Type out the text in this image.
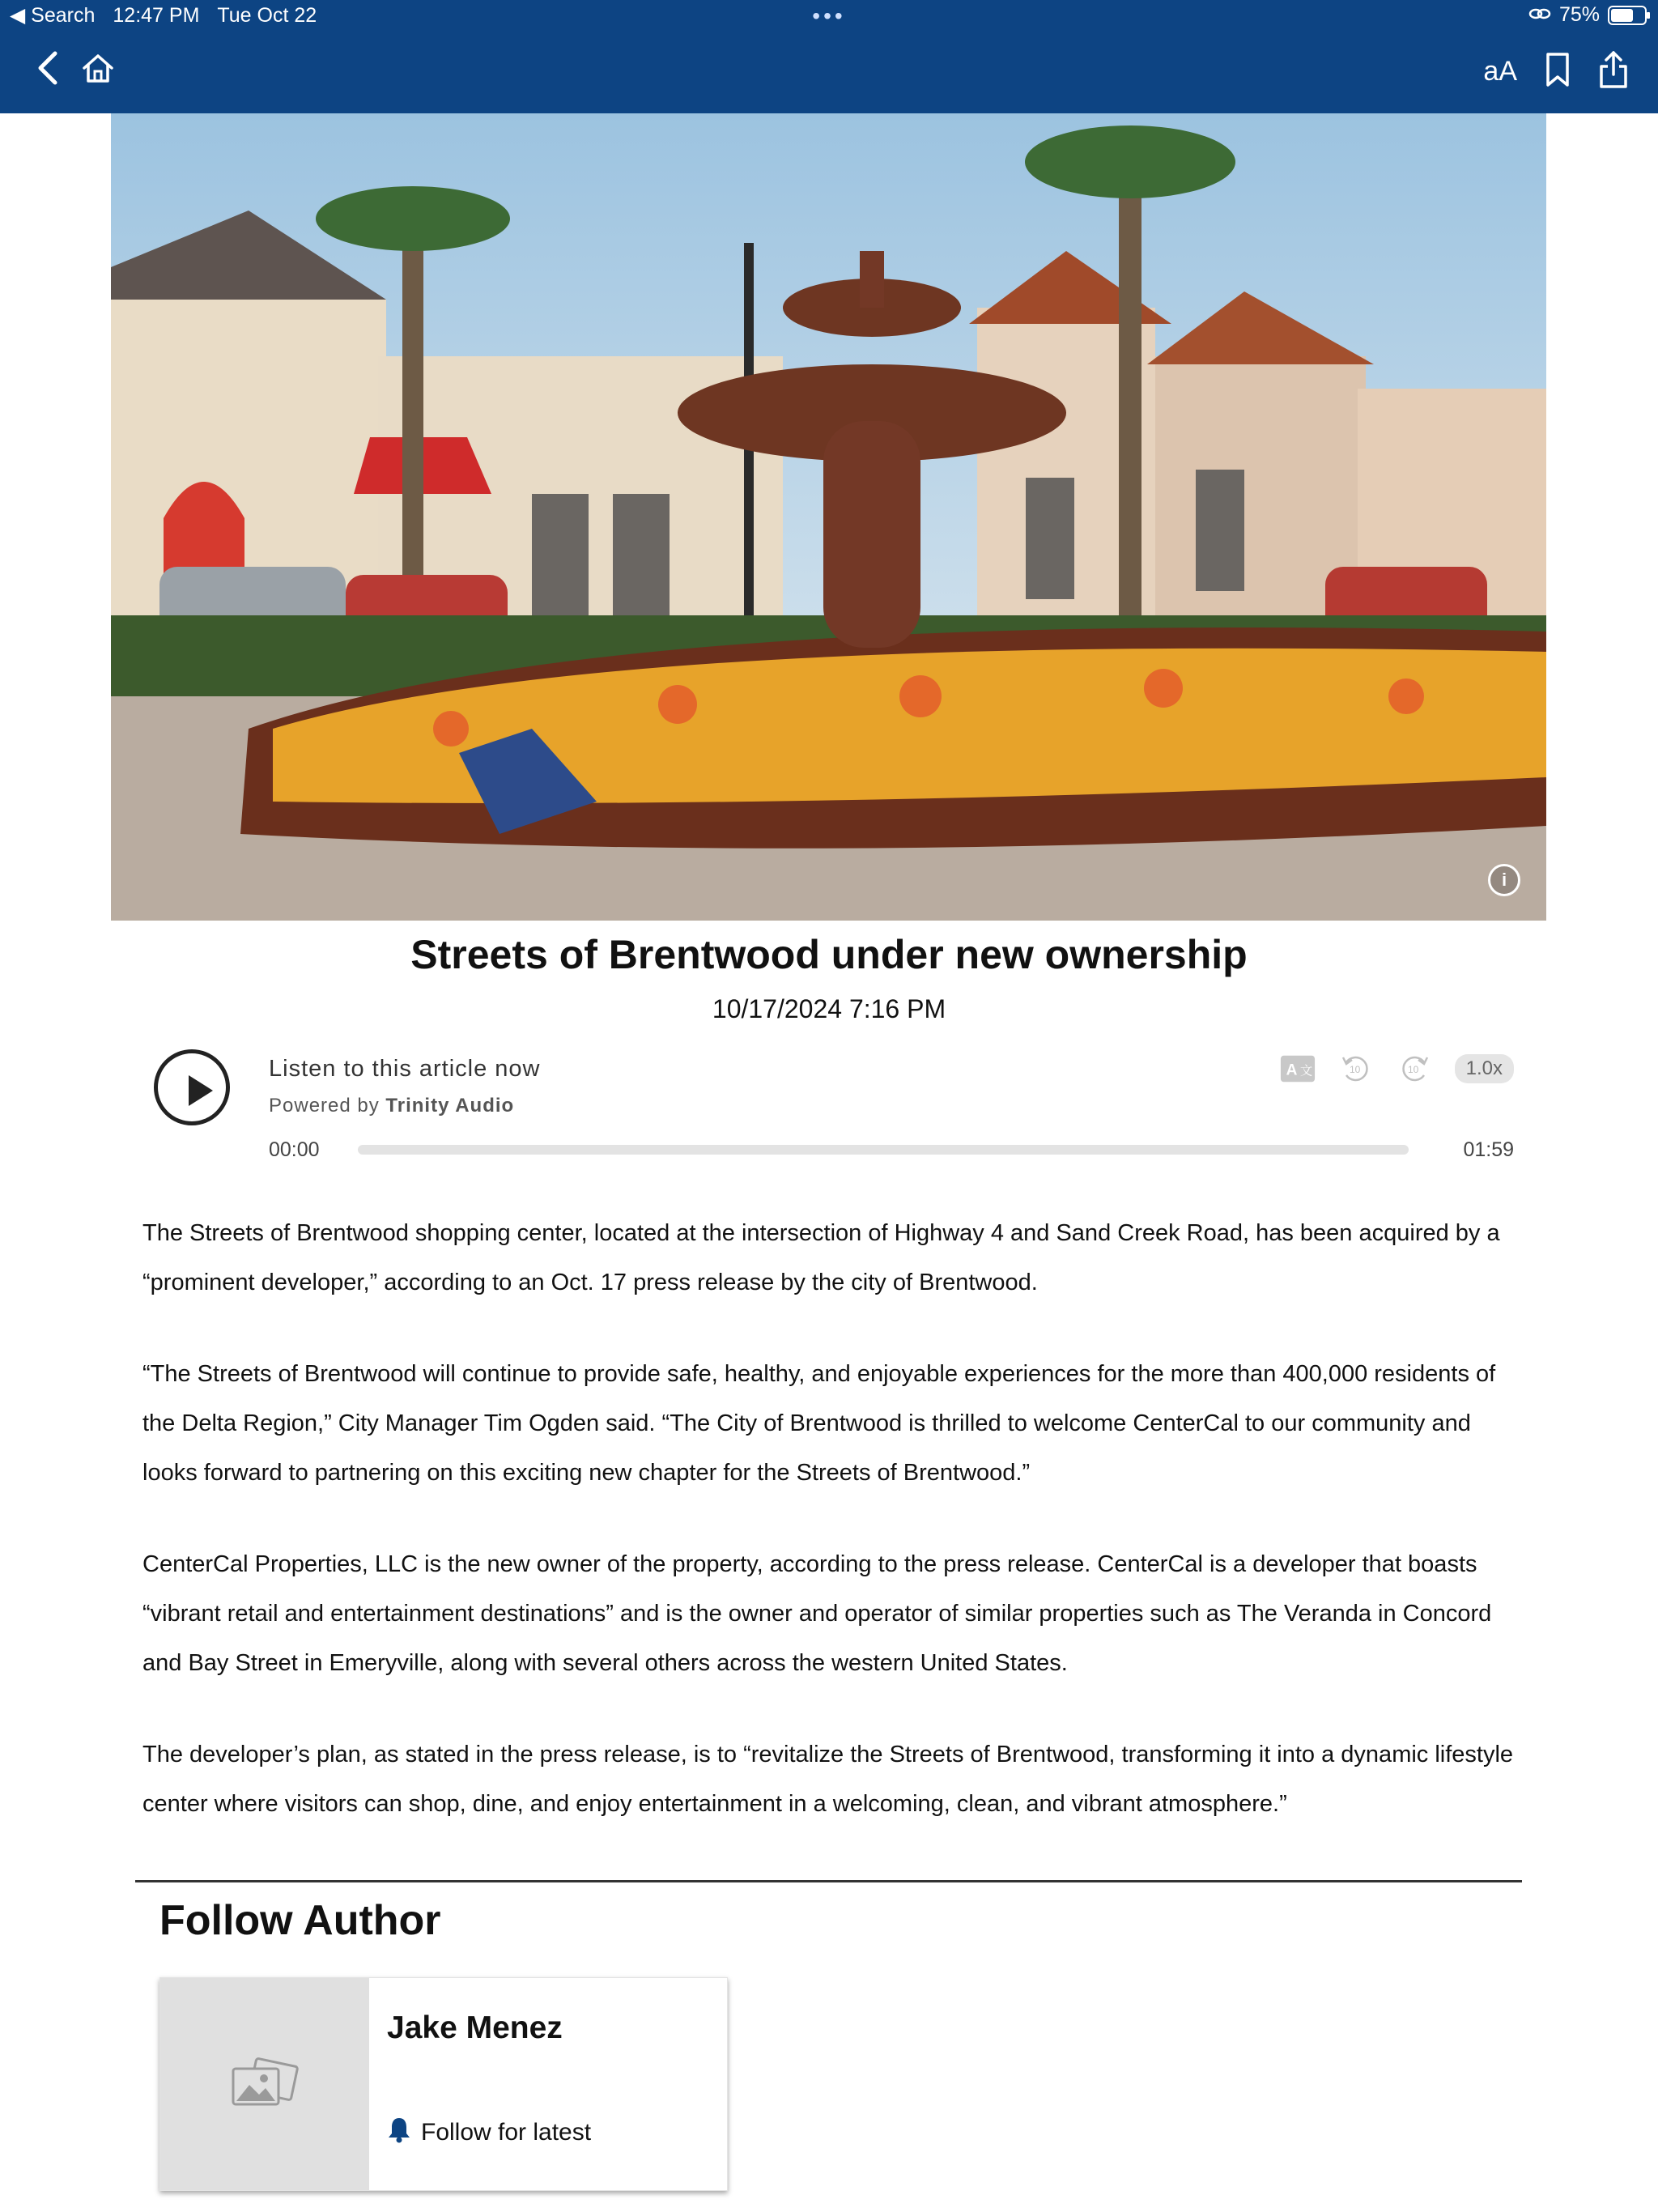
◀ Search 12:47 PM Tue Oct 22	•••	75%
aA
i
Streets of Brentwood under new ownership
10/17/2024 7:16 PM
Listen to this article now
Powered by Trinity Audio
00:00	01:59
A 文	10	10	1.0x

The Streets of Brentwood shopping center, located at the intersection of Highway 4 and Sand Creek Road, has been acquired by a “prominent developer,” according to an Oct. 17 press release by the city of Brentwood.

“The Streets of Brentwood will continue to provide safe, healthy, and enjoyable experiences for the more than 400,000 residents of the Delta Region,” City Manager Tim Ogden said. “The City of Brentwood is thrilled to welcome CenterCal to our community and looks forward to partnering on this exciting new chapter for the Streets of Brentwood.”

CenterCal Properties, LLC is the new owner of the property, according to the press release. CenterCal is a developer that boasts “vibrant retail and entertainment destinations” and is the owner and operator of similar properties such as The Veranda in Concord and Bay Street in Emeryville, along with several others across the western United States.

The developer’s plan, as stated in the press release, is to “revitalize the Streets of Brentwood, transforming it into a dynamic lifestyle center where visitors can shop, dine, and enjoy entertainment in a welcoming, clean, and vibrant atmosphere.”

Follow Author
Jake Menez
Follow for latest
